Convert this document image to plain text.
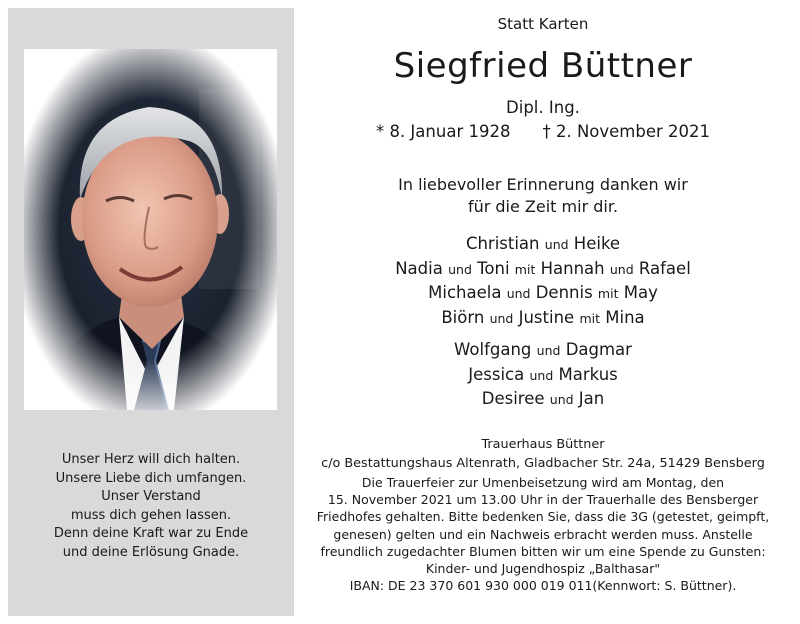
Unser Herz will dich halten.
Unsere Liebe dich umfangen.
Unser Verstand
muss dich gehen lassen.
Denn deine Kraft war zu Ende
und deine Erlösung Gnade.
Statt Karten
Siegfried Büttner
Dipl. Ing.
* 8. Januar 1928 † 2. November 2021
In liebevoller Erinnerung danken wir
für die Zeit mir dir.
Christian und Heike
Nadia und Toni mit Hannah und Rafael
Michaela und Dennis mit May
Biörn und Justine mit Mina
Wolfgang und Dagmar
Jessica und Markus
Desiree und Jan
Trauerhaus Büttner
c/o Bestattungshaus Altenrath, Gladbacher Str. 24a, 51429 Bensberg
Die Trauerfeier zur Umenbeisetzung wird am Montag, den
15. November 2021 um 13.00 Uhr in der Trauerhalle des Bensberger
Friedhofes gehalten. Bitte bedenken Sie, dass die 3G (getestet, geimpft,
genesen) gelten und ein Nachweis erbracht werden muss. Anstelle
freundlich zugedachter Blumen bitten wir um eine Spende zu Gunsten:
Kinder- und Jugendhospiz „Balthasar"
IBAN: DE 23 370 601 930 000 019 011(Kennwort: S. Büttner).
